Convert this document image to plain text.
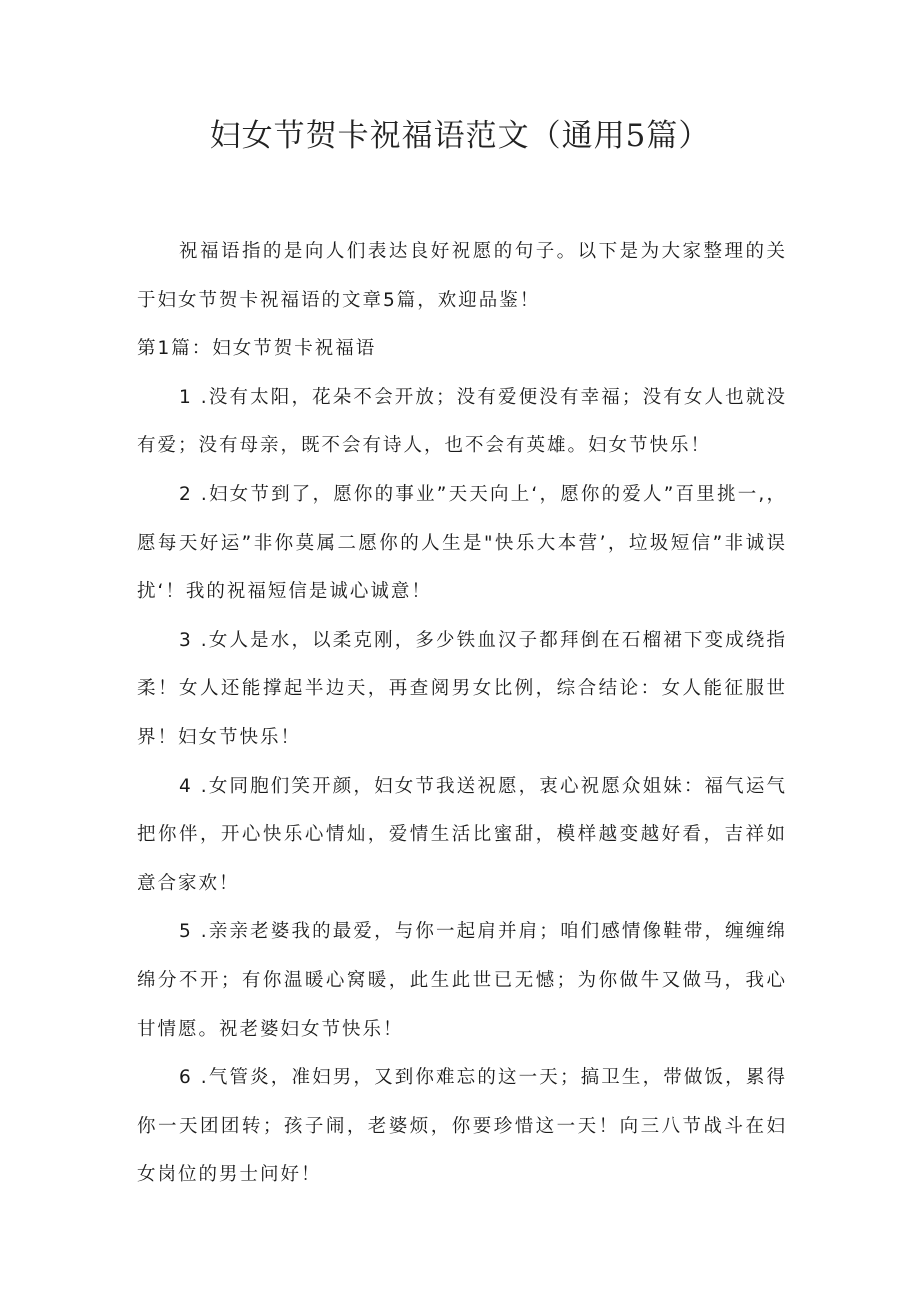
妇女节贺卡祝福语范文（通用5篇）

祝福语指的是向人们表达良好祝愿的句子。以下是为大家整理的关于妇女节贺卡祝福语的文章5篇，欢迎品鉴！

第1篇：妇女节贺卡祝福语

1 .没有太阳，花朵不会开放；没有爱便没有幸福；没有女人也就没有爱；没有母亲，既不会有诗人，也不会有英雄。妇女节快乐！

2 .妇女节到了，愿你的事业”天天向上‘，愿你的爱人”百里挑一,，愿每天好运”非你莫属二愿你的人生是"快乐大本营’，垃圾短信”非诚误扰‘！我的祝福短信是诚心诚意！

3 .女人是水，以柔克刚，多少铁血汉子都拜倒在石榴裙下变成绕指柔！女人还能撑起半边天，再查阅男女比例，综合结论：女人能征服世界！妇女节快乐！

4 .女同胞们笑开颜，妇女节我送祝愿，衷心祝愿众姐妹：福气运气把你伴，开心快乐心情灿，爱情生活比蜜甜，模样越变越好看，吉祥如意合家欢！

5 .亲亲老婆我的最爱，与你一起肩并肩；咱们感情像鞋带，缠缠绵绵分不开；有你温暖心窝暖，此生此世已无憾；为你做牛又做马，我心甘情愿。祝老婆妇女节快乐！

6 .气管炎，准妇男，又到你难忘的这一天；搞卫生，带做饭，累得你一天团团转；孩子闹，老婆烦，你要珍惜这一天！向三八节战斗在妇女岗位的男士问好！
